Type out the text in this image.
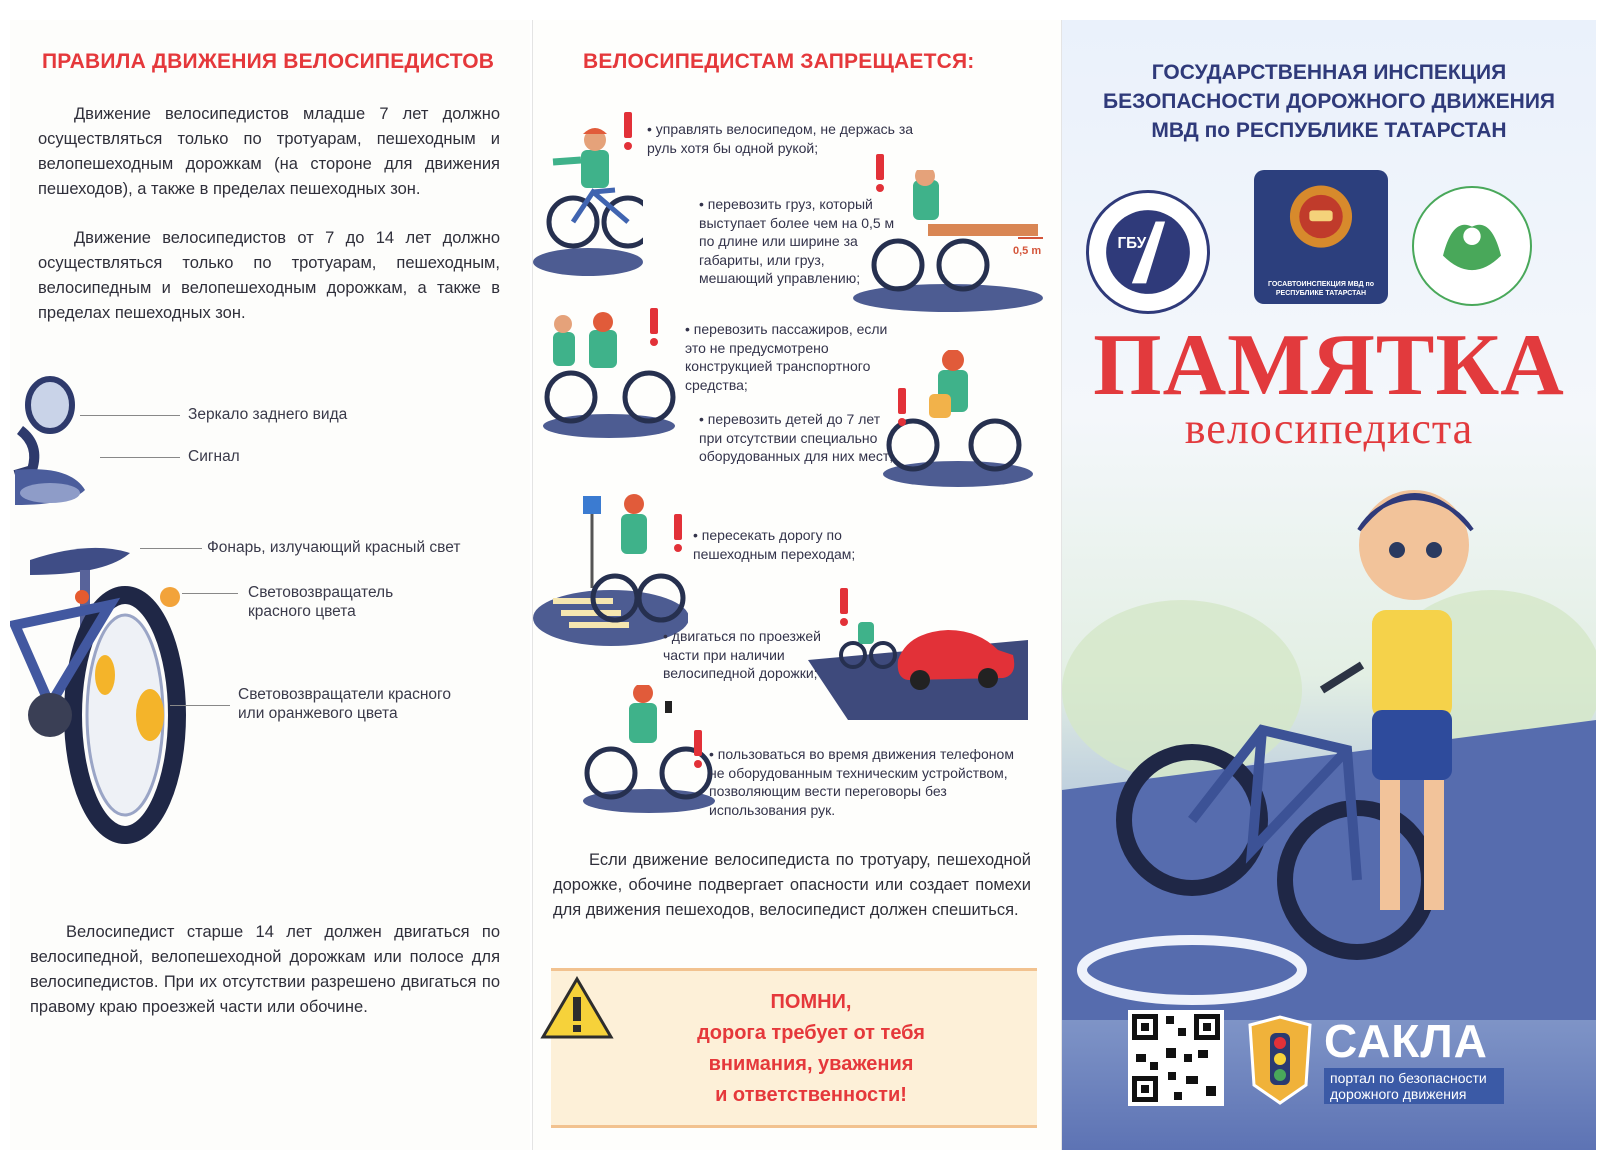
ПРАВИЛА ДВИЖЕНИЯ ВЕЛОСИПЕДИСТОВ

Движение велосипедистов младше 7 лет должно осуществляться только по тротуарам, пешеходным и велопешеходным дорожкам (на стороне для движения пешеходов), а также в пределах пешеходных зон.

Движение велосипедистов от 7 до 14 лет должно осуществляться только по тротуарам, пешеходным, велосипедным и велопешеходным дорожкам, а также в пределах пешеходных зон.

Зеркало заднего вида
Сигнал
Фонарь, излучающий красный свет
Световозвращатель красного цвета
Световозвращатели красного или оранжевого цвета

Велосипедист старше 14 лет должен двигаться по велосипедной, велопешеходной дорожкам или полосе для велосипедистов. При их отсутствии разрешено двигаться по правому краю проезжей части или обочине.

ВЕЛОСИПЕДИСТАМ ЗАПРЕЩАЕТСЯ:
• управлять велосипедом, не держась за руль хотя бы одной рукой;
0,5 m
• перевозить груз, который выступает более чем на 0,5 м по длине или ширине за габариты, или груз, мешающий управлению;
• перевозить пассажиров, если это не предусмотрено конструкцией транспортного средства;
• перевозить детей до 7 лет при отсутствии специально оборудованных для них мест;
• пересекать дорогу по пешеходным переходам;
• двигаться по проезжей части при наличии велосипедной дорожки;
• пользоваться во время движения телефоном не оборудованным техническим устройством, позволяющим вести переговоры без использования рук.

Если движение велосипедиста по тротуару, пешеходной дорожке, обочине подвергает опасности или создает помехи для движения пешеходов, велосипедист должен спешиться.

ПОМНИ,
дорога требует от тебя
внимания, уважения
и ответственности!
ГОСУДАРСТВЕННАЯ ИНСПЕКЦИЯ
БЕЗОПАСНОСТИ ДОРОЖНОГО ДВИЖЕНИЯ
МВД по РЕСПУБЛИКЕ ТАТАРСТАН
ГБУ
ГОСАВТОИНСПЕКЦИЯ МВД по РЕСПУБЛИКЕ ТАТАРСТАН
ПАМЯТКА
велосипедиста
САКЛА
портал по безопасности дорожного движения
